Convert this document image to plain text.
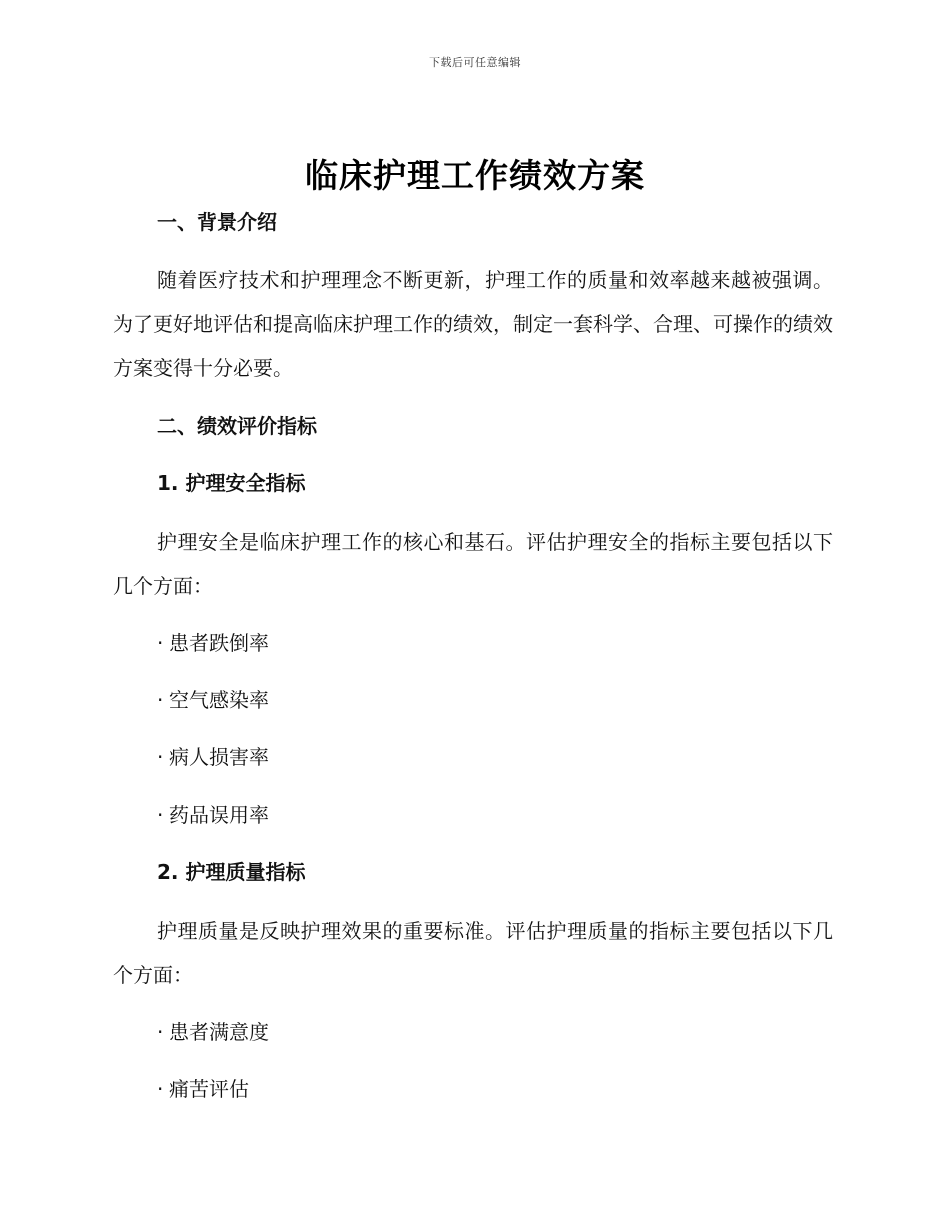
下载后可任意编辑
临床护理工作绩效方案
一、背景介绍
随着医疗技术和护理理念不断更新，护理工作的质量和效率越来越被强调。为了更好地评估和提高临床护理工作的绩效，制定一套科学、合理、可操作的绩效方案变得十分必要。
二、绩效评价指标
1. 护理安全指标
护理安全是临床护理工作的核心和基石。评估护理安全的指标主要包括以下几个方面：
· 患者跌倒率
· 空气感染率
· 病人损害率
· 药品误用率
2. 护理质量指标
护理质量是反映护理效果的重要标准。评估护理质量的指标主要包括以下几个方面：
· 患者满意度
· 痛苦评估
